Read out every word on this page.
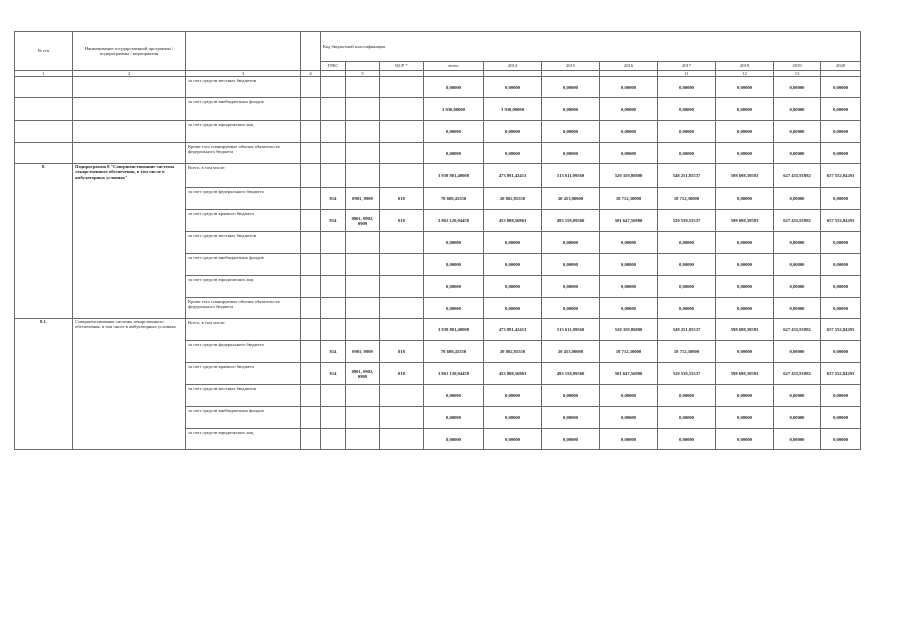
№ п/п	Наименование государственной программы / подпрограммы / мероприятия			Код бюджетной классификации											
				ГРБС		ЦСР *	всего	2014	2015	2016	2017	2018	2019	2020	
1	2	3	4		5						11	12	13		
		за счет средств местных бюджетов					0,00000	0,00000	0,00000	0,00000	0,00000	0,00000	0,00000	0,00000	
		за счет средств внебюджетных фондов					3 930,00000	3 930,00000	0,00000	0,00000	0,00000	0,00000	0,00000	0,00000	
		за счет средств юридических лиц					0,00000	0,00000	0,00000	0,00000	0,00000	0,00000	0,00000	0,00000	
		Кроме того планируемые объемы обязательств федерального бюджета					0,00000	0,00000	0,00000	0,00000	0,00000	0,00000	0,00000	0,00000	
8.	Подпрограмма 8 "Совершенствование системы лекарственного обеспечения, в том числе в амбулаторных условиях"	Всего, в том числе:					3 939 801,40008	473 891,42413	513 611,09560	520 359,86800	548 251,85537	598 698,39583	627 435,91882	657 552,84293	
		за счет средств федерального бюджета		814	0901, 0909	018	78 680,45550	20 802,85550	20 453,00000	18 712,30000	18 712,30000	0,00000	0,00000	0,00000	
		за счет средств краевого бюджета		814	0901, 0902, 0909	018	3 861 120,94458	453 088,56863	493 158,09560	501 647,56800	529 539,55537	598 698,39583	627 435,91882	657 552,84293	
		за счет средств местных бюджетов					0,00000	0,00000	0,00000	0,00000	0,00000	0,00000	0,00000	0,00000	
		за счет средств внебюджетных фондов					0,00000	0,00000	0,00000	0,00000	0,00000	0,00000	0,00000	0,00000	
		за счет средств юридических лиц					0,00000	0,00000	0,00000	0,00000	0,00000	0,00000	0,00000	0,00000	
		Кроме того планируемые объемы обязательств федерального бюджета					0,00000	0,00000	0,00000	0,00000	0,00000	0,00000	0,00000	0,00000	
8.1.	Совершенствование системы лекарственного обеспечения, в том числе в амбулаторных условиях	Всего, в том числе:					3 939 801,40008	473 891,42413	513 611,09560	520 359,86800	548 251,85537	598 698,39583	627 435,91882	657 552,84293	
		за счет средств федерального бюджета		814	0901, 0909	018	78 680,45550	20 802,85550	20 453,00000	18 712,30000	18 712,30000	0,00000	0,00000	0,00000	
		за счет средств краевого бюджета		814	0901, 0902, 0909	018	3 861 120,94458	453 088,56863	493 158,09560	501 647,56800	529 539,55537	598 698,39583	627 435,91882	657 552,84293	
		за счет средств местных бюджетов					0,00000	0,00000	0,00000	0,00000	0,00000	0,00000	0,00000	0,00000	
		за счет средств внебюджетных фондов					0,00000	0,00000	0,00000	0,00000	0,00000	0,00000	0,00000	0,00000	
		за счет средств юридических лиц					0,00000	0,00000	0,00000	0,00000	0,00000	0,00000	0,00000	0,00000	
